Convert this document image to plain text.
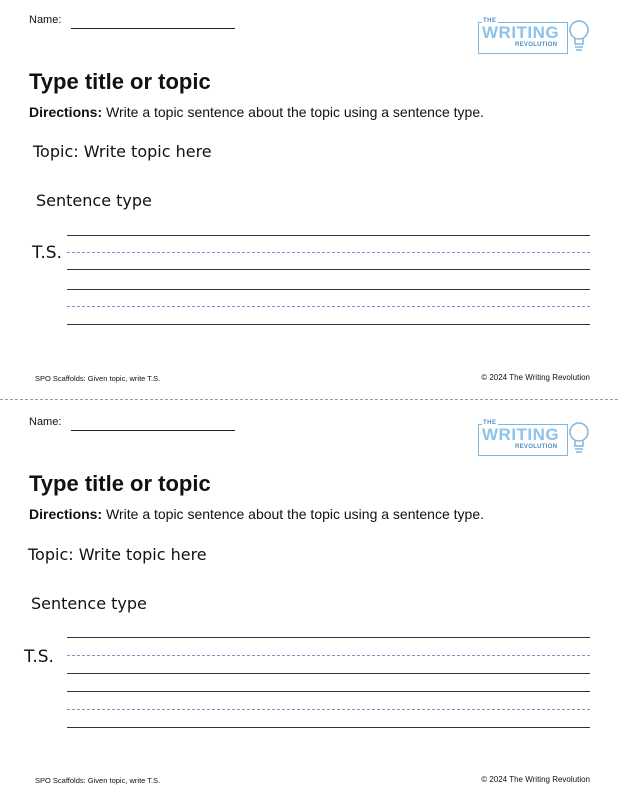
Name:	THE
WRITING
REVOLUTION
Type title or topic
Directions: Write a topic sentence about the topic using a sentence type.
Topic: Write topic here
Sentence type
T.S.
SPO Scaffolds: Given topic, write T.S.	© 2024 The Writing Revolution
Name:	THE
WRITING
REVOLUTION
Type title or topic
Directions: Write a topic sentence about the topic using a sentence type.
Topic: Write topic here
Sentence type
T.S.
SPO Scaffolds: Given topic, write T.S.	© 2024 The Writing Revolution
